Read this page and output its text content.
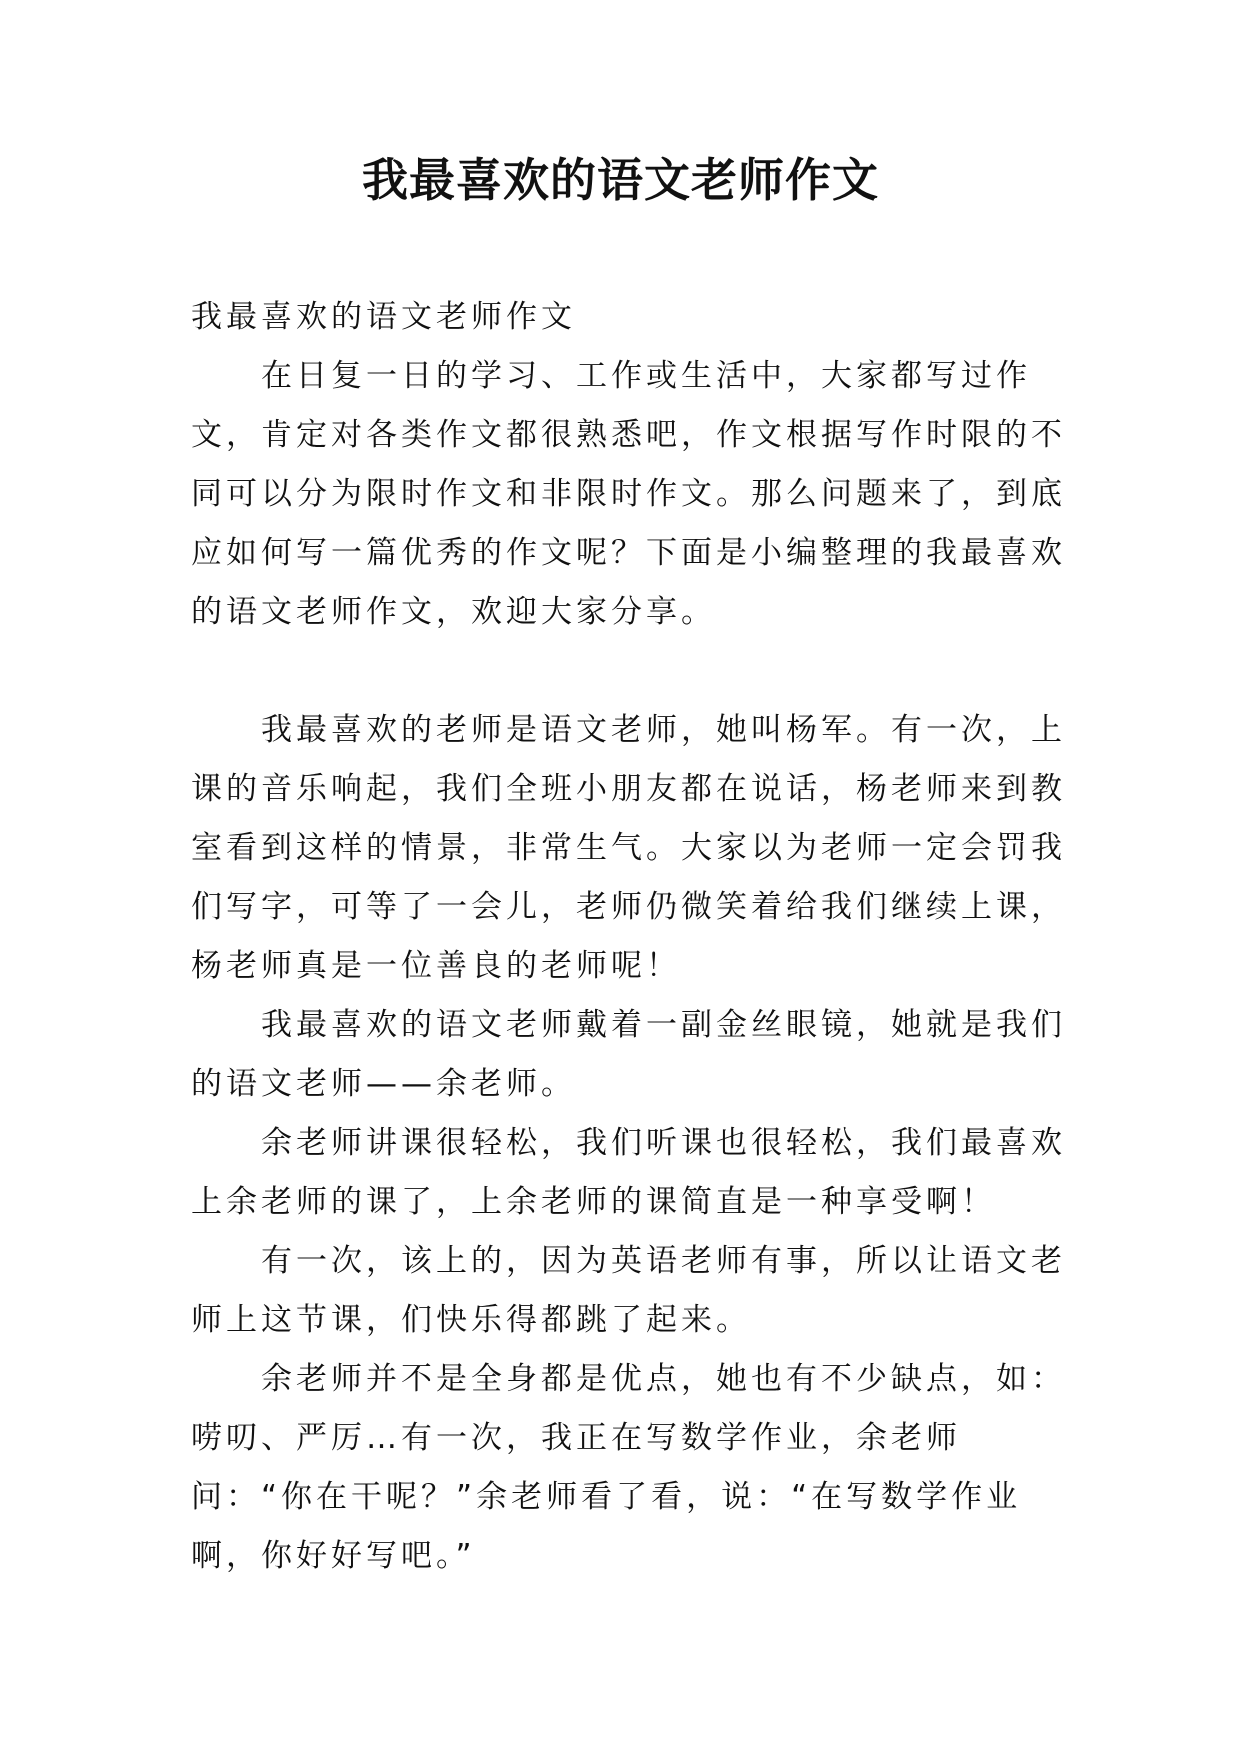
我最喜欢的语文老师作文

我最喜欢的语文老师作文

在日复一日的学习、工作或生活中，大家都写过作文，肯定对各类作文都很熟悉吧，作文根据写作时限的不同可以分为限时作文和非限时作文。那么问题来了，到底应如何写一篇优秀的作文呢？下面是小编整理的我最喜欢的语文老师作文，欢迎大家分享。

我最喜欢的老师是语文老师，她叫杨军。有一次，上课的音乐响起，我们全班小朋友都在说话，杨老师来到教室看到这样的情景，非常生气。大家以为老师一定会罚我们写字，可等了一会儿，老师仍微笑着给我们继续上课，杨老师真是一位善良的老师呢！

我最喜欢的语文老师戴着一副金丝眼镜，她就是我们的语文老师——余老师。

余老师讲课很轻松，我们听课也很轻松，我们最喜欢上余老师的课了，上余老师的课简直是一种享受啊！

有一次，该上的，因为英语老师有事，所以让语文老师上这节课，们快乐得都跳了起来。

余老师并不是全身都是优点，她也有不少缺点，如：唠叨、严厉…有一次，我正在写数学作业，余老师问：“你在干呢？”余老师看了看，说：“在写数学作业啊，你好好写吧。”
